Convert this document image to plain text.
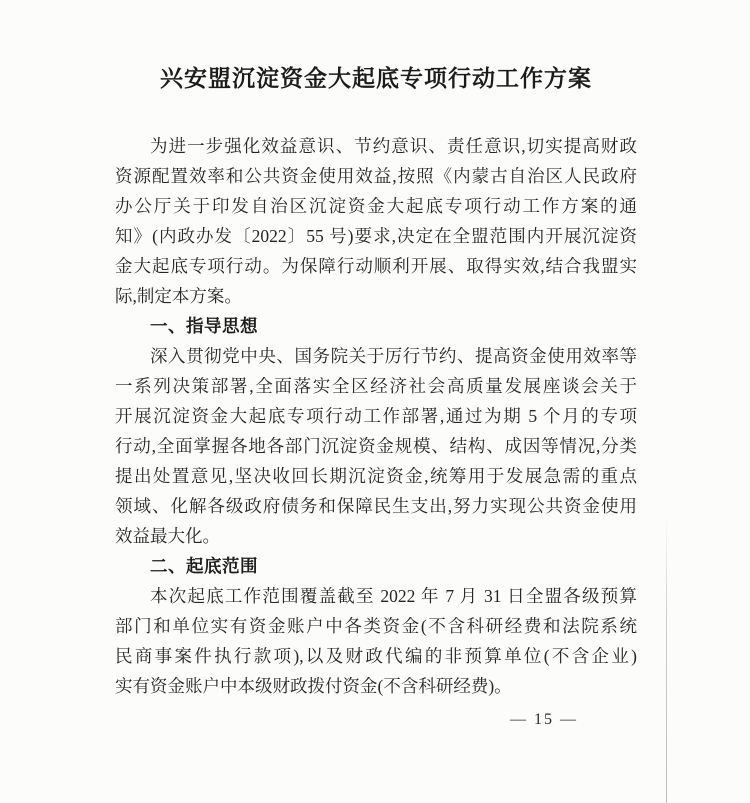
兴安盟沉淀资金大起底专项行动工作方案
为进一步强化效益意识、节约意识、责任意识,切实提高财政
资源配置效率和公共资金使用效益,按照《内蒙古自治区人民政府
办公厅关于印发自治区沉淀资金大起底专项行动工作方案的通
知》(内政办发〔2022〕55 号)要求,决定在全盟范围内开展沉淀资
金大起底专项行动。为保障行动顺利开展、取得实效,结合我盟实
际,制定本方案。
一、指导思想
深入贯彻党中央、国务院关于厉行节约、提高资金使用效率等
一系列决策部署,全面落实全区经济社会高质量发展座谈会关于
开展沉淀资金大起底专项行动工作部署,通过为期 5 个月的专项
行动,全面掌握各地各部门沉淀资金规模、结构、成因等情况,分类
提出处置意见,坚决收回长期沉淀资金,统筹用于发展急需的重点
领域、化解各级政府债务和保障民生支出,努力实现公共资金使用
效益最大化。
二、起底范围
本次起底工作范围覆盖截至 2022 年 7 月 31 日全盟各级预算
部门和单位实有资金账户中各类资金(不含科研经费和法院系统
民商事案件执行款项),以及财政代编的非预算单位(不含企业)
实有资金账户中本级财政拨付资金(不含科研经费)。
— 15 —
